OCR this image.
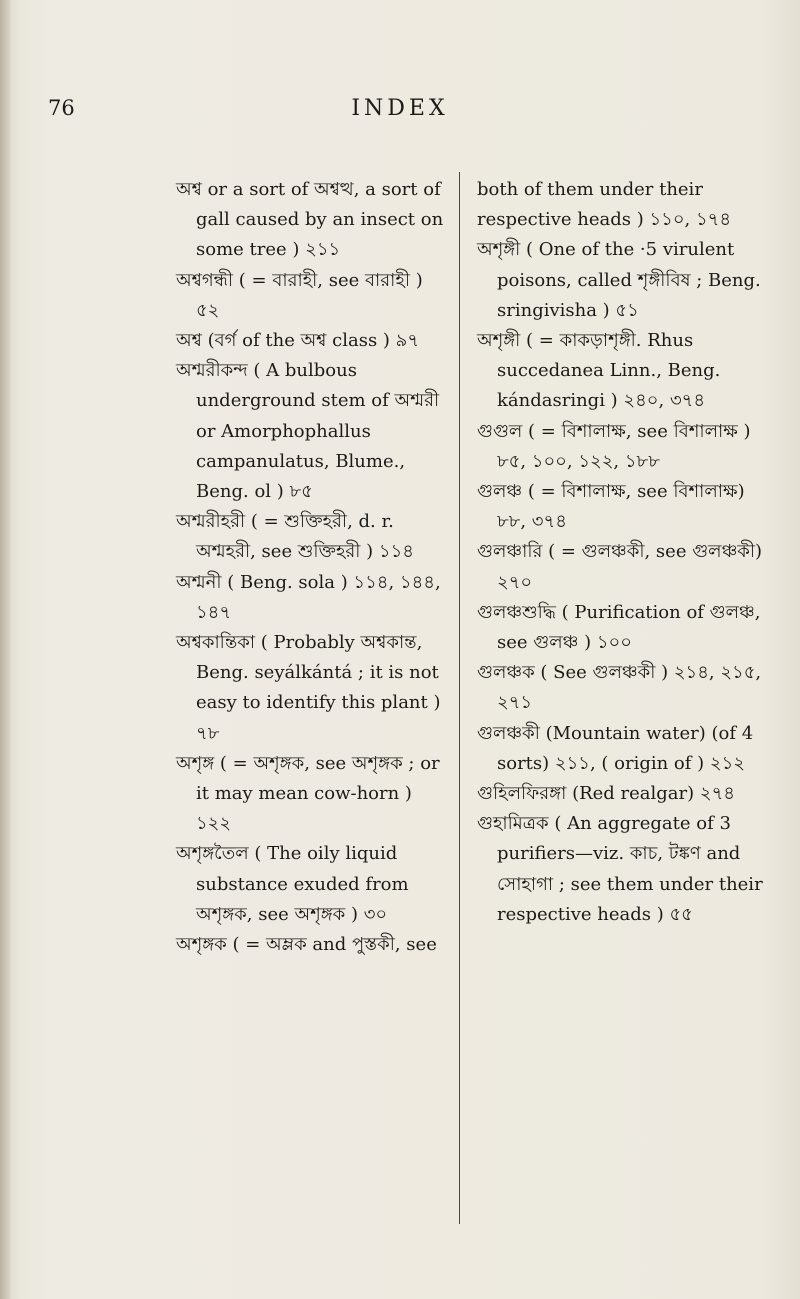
76	INDEX

অশ্ব or a sort of অশ্বত্থ, a sort of gall caused by an insect on some tree ) ২১১

অশ্বগন্ধী ( = বারাহী, see বারাহী ) ৫২

অশ্ব (বর্গ of the অশ্ব class ) ৯৭

অশ্মরীকন্দ ( A bulbous underground stem of অশ্মরী or Amorphophallus campanulatus, Blume., Beng. ol ) ৮৫

অশ্মরীহরী ( = শুক্তিহরী, d. r. অশ্মহরী, see শুক্তিহরী ) ১১৪

অশ্মনী ( Beng. sola ) ১১৪, ১৪৪, ১৪৭

অশ্বকান্তিকা ( Probably অশ্বকান্ত, Beng. seyálkántá ; it is not easy to identify this plant ) ৭৮

অশৃঙ্গ ( = অশৃঙ্গক, see অশৃঙ্গক ; or it may mean cow-horn ) ১২২

অশৃঙ্গতৈল ( The oily liquid substance exuded from অশৃঙ্গক, see অশৃঙ্গক ) ৩০

অশৃঙ্গক ( = অম্লক and পুস্তকী, see

both of them under their respective heads ) ১১০, ১৭৪

অশৃঙ্গী ( One of the ·5 virulent poisons, called শৃঙ্গীবিষ ; Beng. sringivisha ) ৫১

অশৃঙ্গী ( = কাকড়াশৃঙ্গী. Rhus succedanea Linn., Beng. kándasringi ) ২৪০, ৩৭৪

গুগুল ( = বিশালাক্ষ, see বিশালাক্ষ ) ৮৫, ১০০, ১২২, ১৮৮

গুলঞ্চ ( = বিশালাক্ষ, see বিশালাক্ষ) ৮৮, ৩৭৪

গুলঞ্চারি ( = গুলঞ্চকী, see গুলঞ্চকী) ২৭০

গুলঞ্চশুদ্ধি ( Purification of গুলঞ্চ, see গুলঞ্চ ) ১০০

গুলঞ্চক ( See গুলঞ্চকী ) ২১৪, ২১৫, ২৭১

গুলঞ্চকী (Mountain water) (of 4 sorts) ২১১, ( origin of ) ২১২

গুহিলফিরঙ্গা (Red realgar) ২৭৪

গুহামিত্রক ( An aggregate of 3 purifiers—viz. কাচ, টঙ্কণ and সোহাগা ; see them under their respective heads ) ৫৫
